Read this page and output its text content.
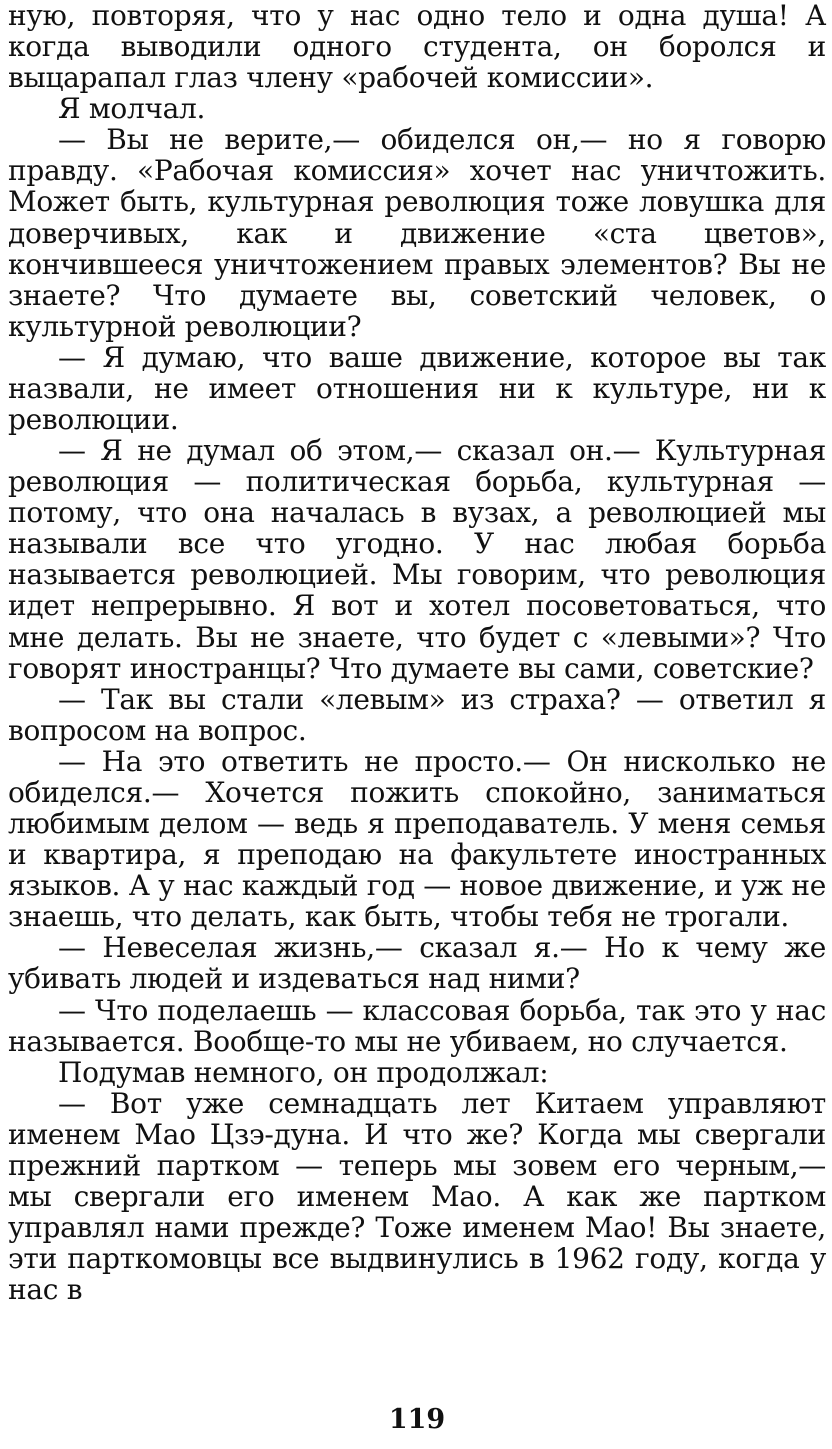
ную, повторяя, что у нас одно тело и одна душа! А когда выводили одного студента, он боролся и выцарапал глаз члену «рабочей комиссии».

Я молчал.

— Вы не верите,— обиделся он,— но я говорю правду. «Рабочая комиссия» хочет нас уничтожить. Может быть, культурная революция тоже ловушка для доверчивых, как и движение «ста цветов», кончившееся уничтожением правых элементов? Вы не знаете? Что думаете вы, советский человек, о культурной революции?

— Я думаю, что ваше движение, которое вы так назвали, не имеет отношения ни к культуре, ни к революции.

— Я не думал об этом,— сказал он.— Культурная революция — политическая борьба, культурная — потому, что она началась в вузах, а революцией мы называли все что угодно. У нас любая борьба называется революцией. Мы говорим, что революция идет непрерывно. Я вот и хотел посоветоваться, что мне делать. Вы не знаете, что будет с «левыми»? Что говорят иностранцы? Что думаете вы сами, советские?

— Так вы стали «левым» из страха? — ответил я вопросом на вопрос.

— На это ответить не просто.— Он нисколько не обиделся.— Хочется пожить спокойно, заниматься любимым делом — ведь я преподаватель. У меня семья и квартира, я преподаю на факультете иностранных языков. А у нас каждый год — новое движение, и уж не знаешь, что делать, как быть, чтобы тебя не трогали.

— Невеселая жизнь,— сказал я.— Но к чему же убивать людей и издеваться над ними?

— Что поделаешь — классовая борьба, так это у нас называется. Вообще-то мы не убиваем, но случается.

Подумав немного, он продолжал:

— Вот уже семнадцать лет Китаем управляют именем Мао Цзэ-дуна. И что же? Когда мы свергали прежний партком — теперь мы зовем его черным,— мы свергали его именем Мао. А как же партком управлял нами прежде? Тоже именем Мао! Вы знаете, эти парткомовцы все выдвинулись в 1962 году, когда у нас в

119
